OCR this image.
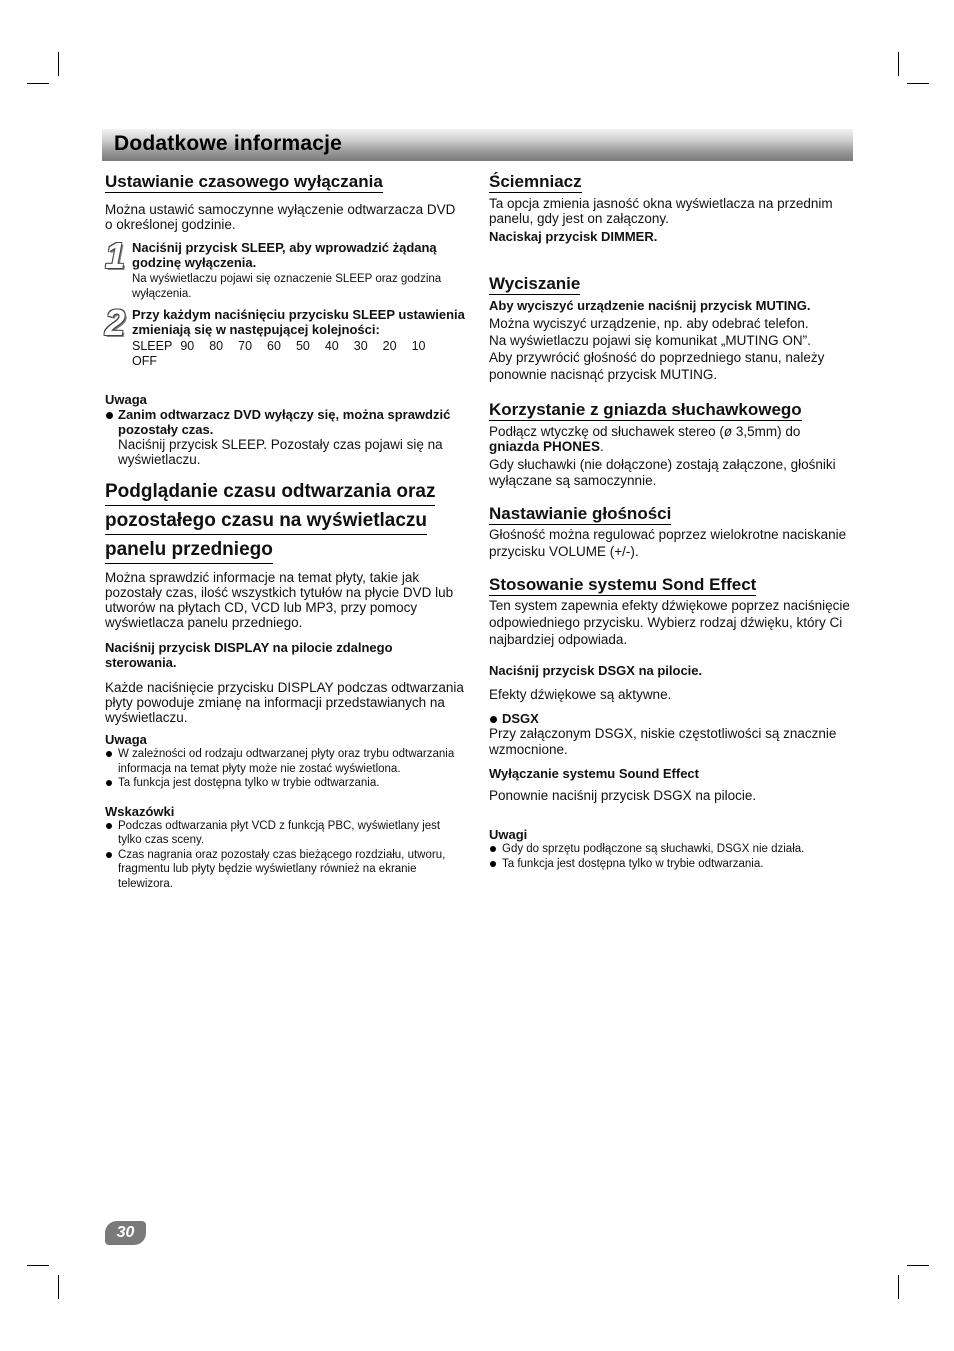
Dodatkowe informacje
Ustawianie czasowego wyłączania

Można ustawić samoczynne wyłączenie odtwarzacza DVD o określonej godzinie.

1 Naciśnij przycisk SLEEP, aby wprowadzić żądaną godzinę wyłączenia.
Na wyświetlaczu pojawi się oznaczenie SLEEP oraz godzina wyłączenia.
2 Przy każdym naciśnięciu przycisku SLEEP ustawienia zmieniają się w następującej kolejności:
SLEEP 90 80 70 60 50 40 30 20 10
OFF
Uwaga
Zanim odtwarzacz DVD wyłączy się, można sprawdzić pozostały czas.

Naciśnij przycisk SLEEP. Pozostały czas pojawi się na wyświetlaczu.

Podglądanie czasu odtwarzania oraz
pozostałego czasu na wyświetlaczu
panelu przedniego

Można sprawdzić informacje na temat płyty, takie jak pozostały czas, ilość wszystkich tytułów na płycie DVD lub utworów na płytach CD, VCD lub MP3, przy pomocy wyświetlacza panelu przedniego.

Naciśnij przycisk DISPLAY na pilocie zdalnego sterowania.

Każde naciśnięcie przycisku DISPLAY podczas odtwarzania płyty powoduje zmianę na informacji przedstawianych na wyświetlaczu.

Uwaga
W zależności od rodzaju odtwarzanej płyty oraz trybu odtwarzania informacja na temat płyty może nie zostać wyświetlona.
Ta funkcja jest dostępna tylko w trybie odtwarzania.
Wskazówki
Podczas odtwarzania płyt VCD z funkcją PBC, wyświetlany jest tylko czas sceny.
Czas nagrania oraz pozostały czas bieżącego rozdziału, utworu, fragmentu lub płyty będzie wyświetlany również na ekranie telewizora.
Ściemniacz

Ta opcja zmienia jasność okna wyświetlacza na przednim panelu, gdy jest on załączony.

Naciskaj przycisk DIMMER.

Wyciszanie

Aby wyciszyć urządzenie naciśnij przycisk MUTING.

Można wyciszyć urządzenie, np. aby odebrać telefon.

Na wyświetlaczu pojawi się komunikat „MUTING ON”.

Aby przywrócić głośność do poprzedniego stanu, należy ponownie nacisnąć przycisk MUTING.

Korzystanie z gniazda słuchawkowego

Podłącz wtyczkę od słuchawek stereo (ø 3,5mm) do
gniazda PHONES.

Gdy słuchawki (nie dołączone) zostają załączone, głośniki wyłączane są samoczynnie.

Nastawianie głośności

Głośność można regulować poprzez wielokrotne naciskanie przycisku VOLUME (+/-).

Stosowanie systemu Sond Effect

Ten system zapewnia efekty dźwiękowe poprzez naciśnięcie odpowiedniego przycisku. Wybierz rodzaj dźwięku, który Ci najbardziej odpowiada.

Naciśnij przycisk DSGX na pilocie.

Efekty dźwiękowe są aktywne.

DSGX

Przy załączonym DSGX, niskie częstotliwości są znacznie wzmocnione.

Wyłączanie systemu Sound Effect

Ponownie naciśnij przycisk DSGX na pilocie.

Uwagi
Gdy do sprzętu podłączone są słuchawki, DSGX nie działa.
Ta funkcja jest dostępna tylko w trybie odtwarzania.
30
